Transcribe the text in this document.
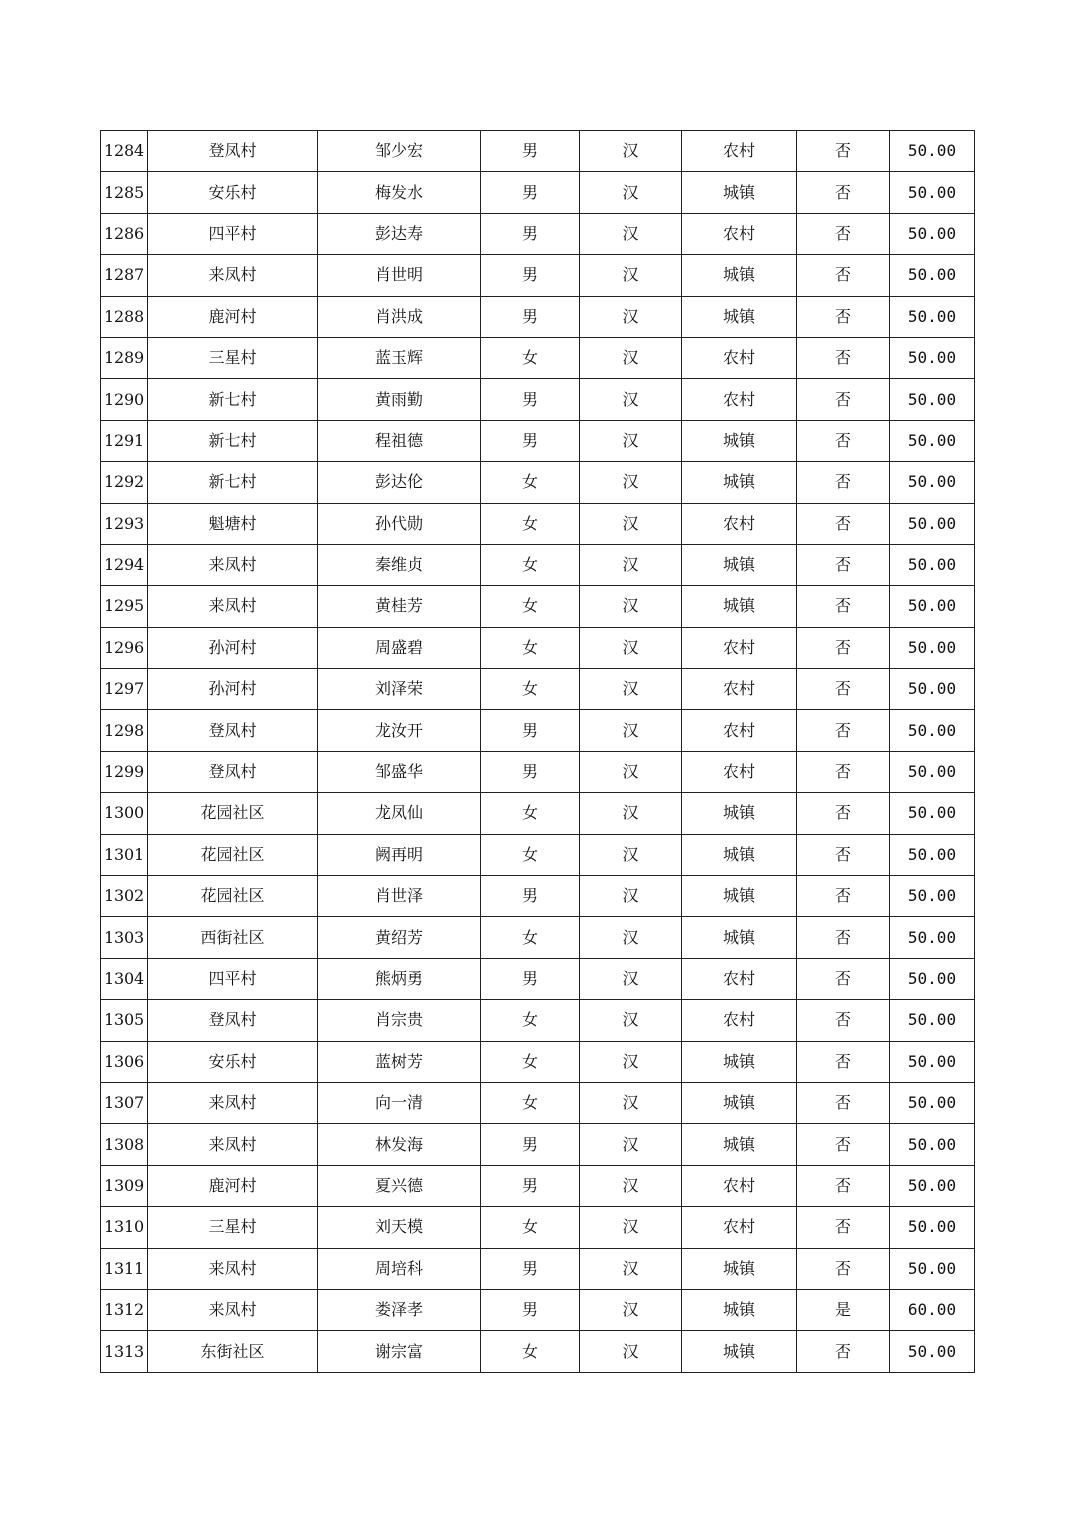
1284	登凤村	邹少宏	男	汉	农村	否	50.00
1285	安乐村	梅发水	男	汉	城镇	否	50.00
1286	四平村	彭达寿	男	汉	农村	否	50.00
1287	来凤村	肖世明	男	汉	城镇	否	50.00
1288	鹿河村	肖洪成	男	汉	城镇	否	50.00
1289	三星村	蓝玉辉	女	汉	农村	否	50.00
1290	新七村	黄雨勤	男	汉	农村	否	50.00
1291	新七村	程祖德	男	汉	城镇	否	50.00
1292	新七村	彭达伦	女	汉	城镇	否	50.00
1293	魁塘村	孙代勋	女	汉	农村	否	50.00
1294	来凤村	秦维贞	女	汉	城镇	否	50.00
1295	来凤村	黄桂芳	女	汉	城镇	否	50.00
1296	孙河村	周盛碧	女	汉	农村	否	50.00
1297	孙河村	刘泽荣	女	汉	农村	否	50.00
1298	登凤村	龙汝开	男	汉	农村	否	50.00
1299	登凤村	邹盛华	男	汉	农村	否	50.00
1300	花园社区	龙凤仙	女	汉	城镇	否	50.00
1301	花园社区	阙再明	女	汉	城镇	否	50.00
1302	花园社区	肖世泽	男	汉	城镇	否	50.00
1303	西街社区	黄绍芳	女	汉	城镇	否	50.00
1304	四平村	熊炳勇	男	汉	农村	否	50.00
1305	登凤村	肖宗贵	女	汉	农村	否	50.00
1306	安乐村	蓝树芳	女	汉	城镇	否	50.00
1307	来凤村	向一清	女	汉	城镇	否	50.00
1308	来凤村	林发海	男	汉	城镇	否	50.00
1309	鹿河村	夏兴德	男	汉	农村	否	50.00
1310	三星村	刘天模	女	汉	农村	否	50.00
1311	来凤村	周培科	男	汉	城镇	否	50.00
1312	来凤村	娄泽孝	男	汉	城镇	是	60.00
1313	东街社区	谢宗富	女	汉	城镇	否	50.00
